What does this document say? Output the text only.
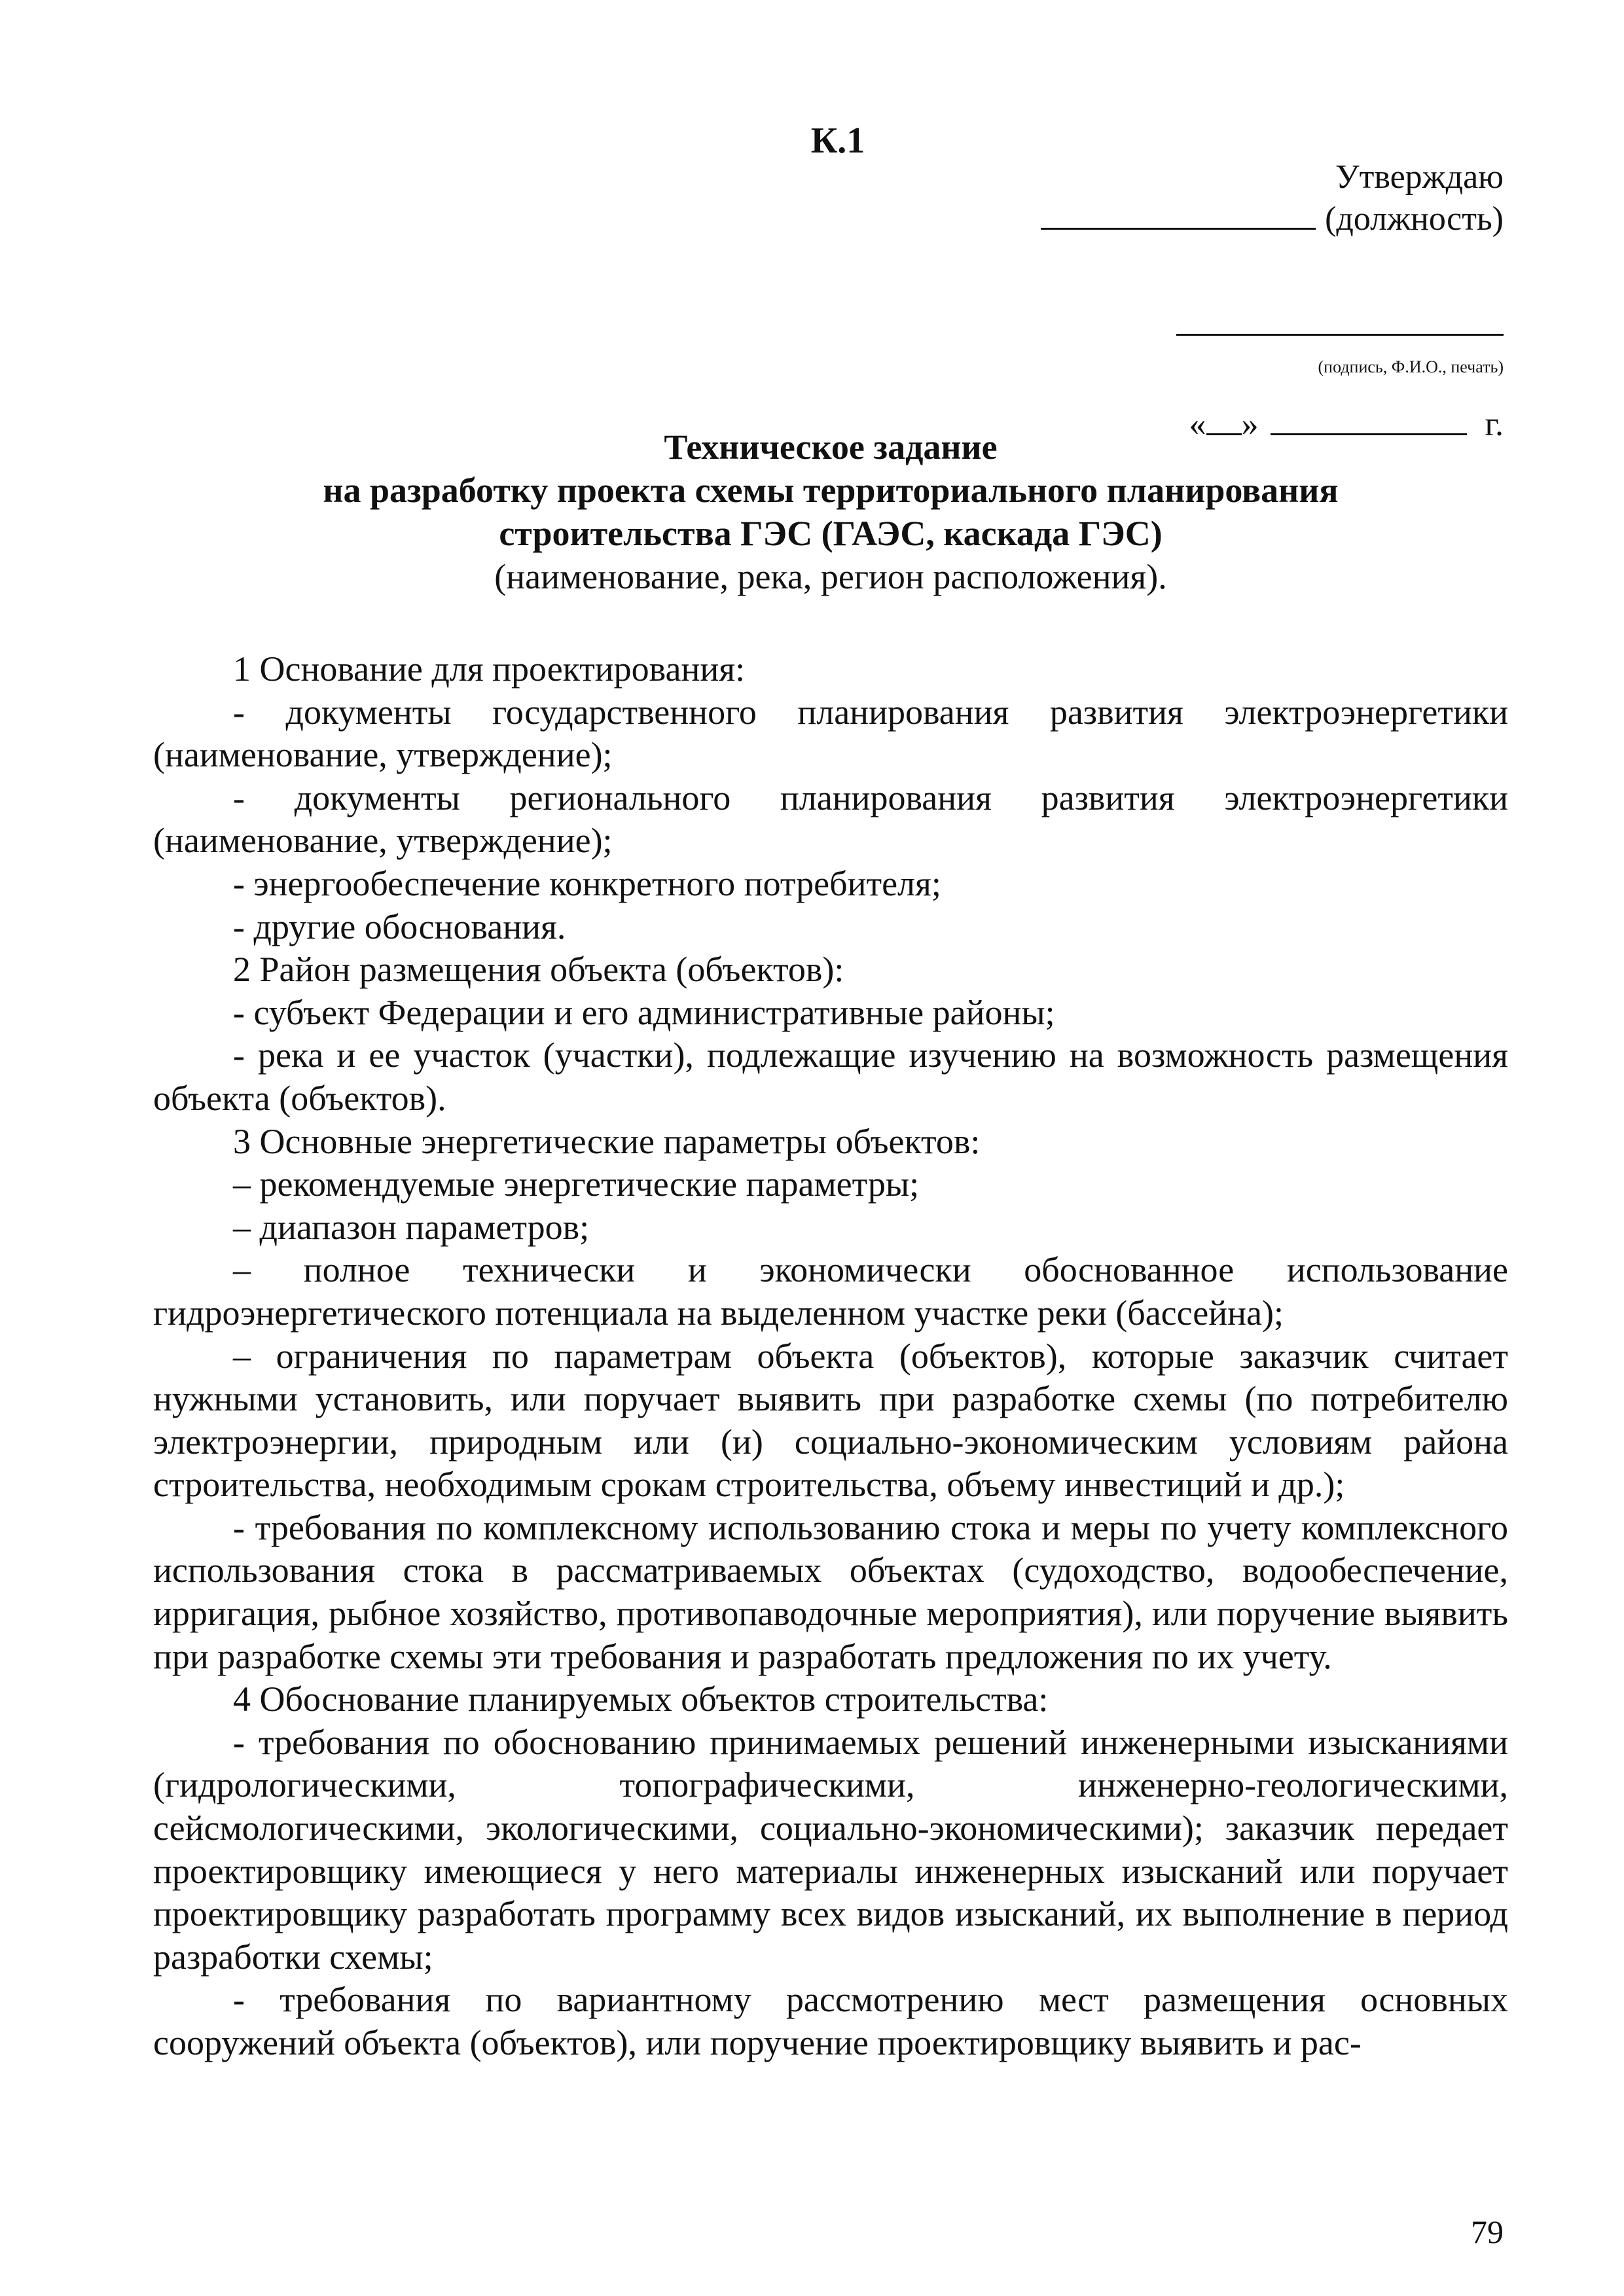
К.1
Утверждаю
(должность)
(подпись, Ф.И.О., печать)
« »	г.
Техническое задание
на разработку проекта схемы территориального планирования
строительства ГЭС (ГАЭС, каскада ГЭС)
(наименование, река, регион расположения).

1 Основание для проектирования:

- документы государственного планирования развития электроэнергетики (наименование, утверждение);

- документы регионального планирования развития электроэнергетики (наименование, утверждение);

- энергообеспечение конкретного потребителя;

- другие обоснования.

2 Район размещения объекта (объектов):

- субъект Федерации и его административные районы;

- река и ее участок (участки), подлежащие изучению на возможность размещения объекта (объектов).

3 Основные энергетические параметры объектов:

– рекомендуемые энергетические параметры;

– диапазон параметров;

– полное технически и экономически обоснованное использование гидроэнергетического потенциала на выделенном участке реки (бассейна);

– ограничения по параметрам объекта (объектов), которые заказчик считает нужными установить, или поручает выявить при разработке схемы (по потребителю электроэнергии, природным или (и) социально-экономическим условиям района строительства, необходимым срокам строительства, объему инвестиций и др.);

- требования по комплексному использованию стока и меры по учету комплексного использования стока в рассматриваемых объектах (судоходство, водообеспечение, ирригация, рыбное хозяйство, противопаводочные мероприятия), или поручение выявить при разработке схемы эти требования и разработать предложения по их учету.

4 Обоснование планируемых объектов строительства:

- требования по обоснованию принимаемых решений инженерными изысканиями (гидрологическими, топографическими, инженерно-геологическими, сейсмологическими, экологическими, социально-экономическими); заказчик передает проектировщику имеющиеся у него материалы инженерных изысканий или поручает проектировщику разработать программу всех видов изысканий, их выполнение в период разработки схемы;

- требования по вариантному рассмотрению мест размещения основных сооружений объекта (объектов), или поручение проектировщику выявить и рас-

79
